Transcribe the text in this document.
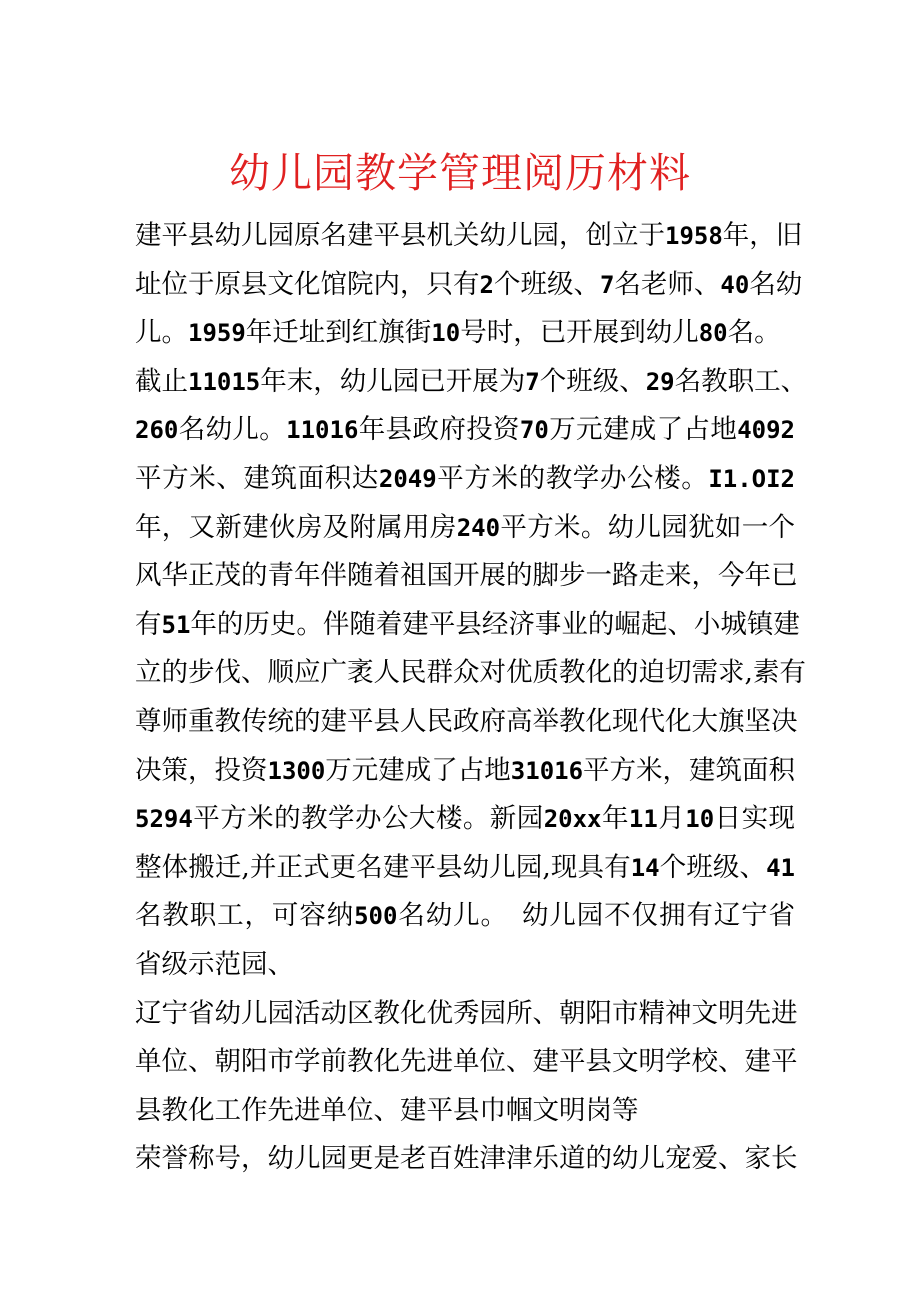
幼儿园教学管理阅历材料
建平县幼儿园原名建平县机关幼儿园，创立于1958年，旧
址位于原县文化馆院内，只有2个班级、7名老师、40名幼
儿。1959年迁址到红旗街10号时，已开展到幼儿80名。
截止11015年末，幼儿园已开展为7个班级、29名教职工、
260名幼儿。11016年县政府投资70万元建成了占地4092
平方米、建筑面积达2049平方米的教学办公楼。I1.OI2
年，又新建伙房及附属用房240平方米。幼儿园犹如一个
风华正茂的青年伴随着祖国开展的脚步一路走来，今年已
有51年的历史。伴随着建平县经济事业的崛起、小城镇建
立的步伐、顺应广袤人民群众对优质教化的迫切需求,素有
尊师重教传统的建平县人民政府高举教化现代化大旗坚决
决策，投资1300万元建成了占地31016平方米，建筑面积
5294平方米的教学办公大楼。新园20xx年11月10日实现
整体搬迁,并正式更名建平县幼儿园,现具有14个班级、41
名教职工，可容纳500名幼儿。　幼儿园不仅拥有辽宁省
省级示范园、
辽宁省幼儿园活动区教化优秀园所、朝阳市精神文明先进
单位、朝阳市学前教化先进单位、建平县文明学校、建平
县教化工作先进单位、建平县巾帼文明岗等
荣誉称号，幼儿园更是老百姓津津乐道的幼儿宠爱、家长
